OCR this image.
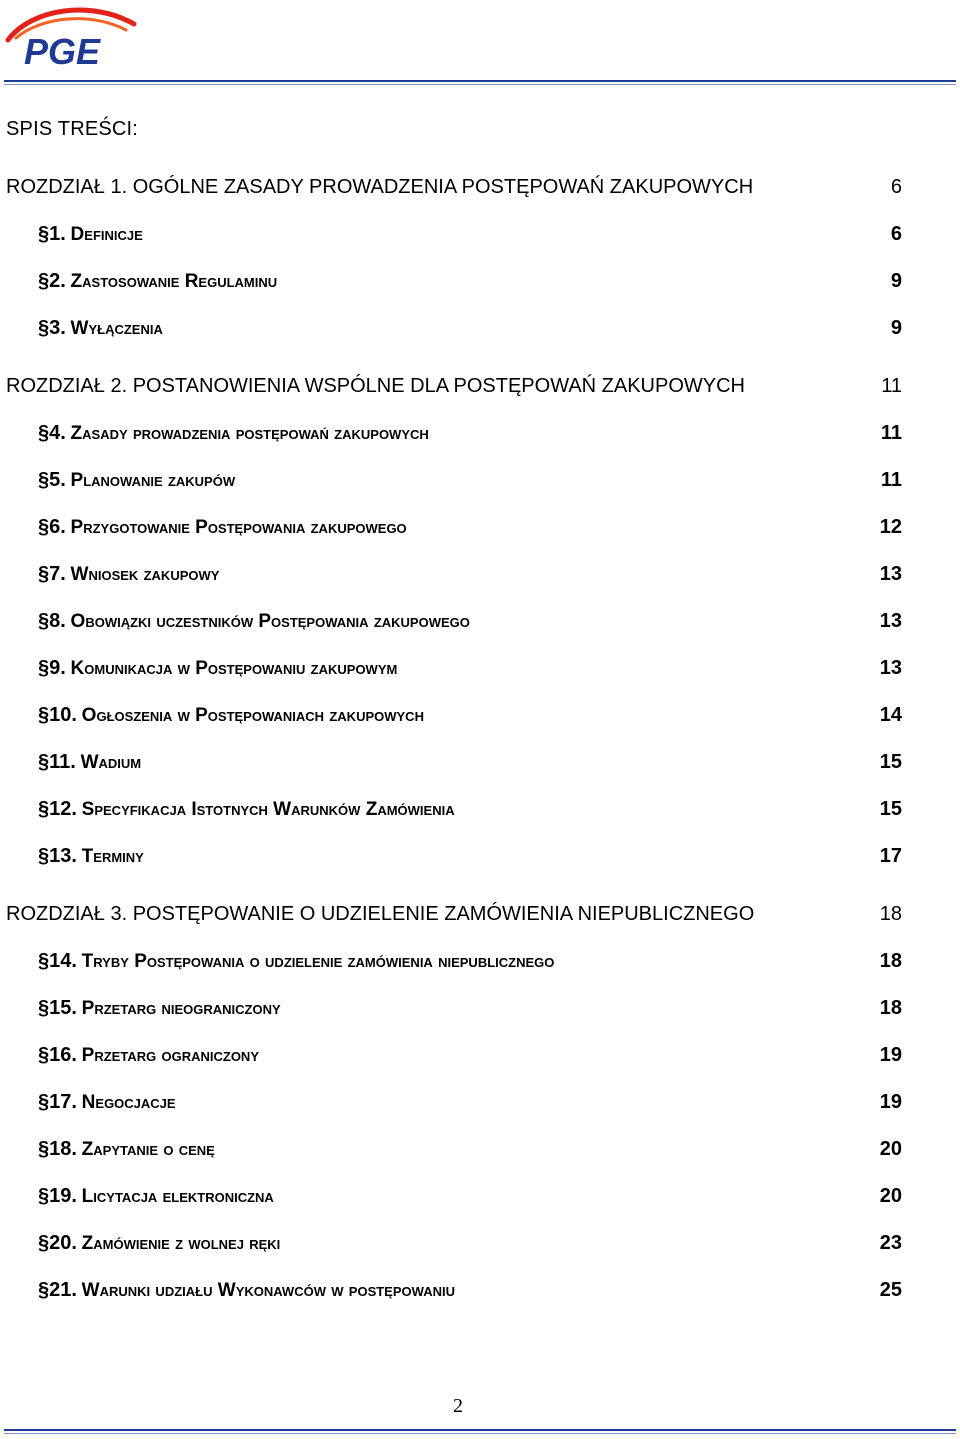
PGE
SPIS TREŚCI:
ROZDZIAŁ 1. OGÓLNE ZASADY PROWADZENIA POSTĘPOWAŃ ZAKUPOWYCH	6
§1. Definicje	6
§2. Zastosowanie Regulaminu	9
§3. Wyłączenia	9
ROZDZIAŁ 2. POSTANOWIENIA WSPÓLNE DLA POSTĘPOWAŃ ZAKUPOWYCH	11
§4. Zasady prowadzenia postępowań zakupowych	11
§5. Planowanie zakupów	11
§6. Przygotowanie Postępowania zakupowego	12
§7. Wniosek zakupowy	13
§8. Obowiązki uczestników Postępowania zakupowego	13
§9. Komunikacja w Postępowaniu zakupowym	13
§10. Ogłoszenia w Postępowaniach zakupowych	14
§11. Wadium	15
§12. Specyfikacja Istotnych Warunków Zamówienia	15
§13. Terminy	17
ROZDZIAŁ 3. POSTĘPOWANIE O UDZIELENIE ZAMÓWIENIA NIEPUBLICZNEGO	18
§14. Tryby Postępowania o udzielenie zamówienia niepublicznego	18
§15. Przetarg nieograniczony	18
§16. Przetarg ograniczony	19
§17. Negocjacje	19
§18. Zapytanie o cenę	20
§19. Licytacja elektroniczna	20
§20. Zamówienie z wolnej ręki	23
§21. Warunki udziału Wykonawców w postępowaniu	25
2
